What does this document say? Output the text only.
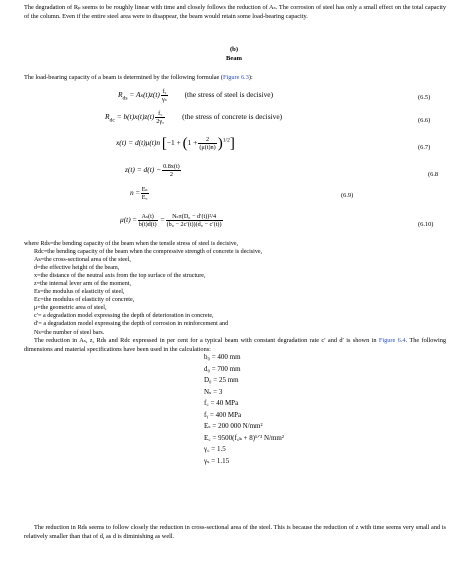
The degradation of Rₚ seems to be roughly linear with time and closely follows the reduction of Aₛ. The corrosion of steel has only a small effect on the total capacity of the column. Even if the entire steel area were to disappear, the beam would retain some load-bearing capacity.

(b)

Beam

The load-bearing capacity of a beam is determined by the following formulae (Figure 6.3):

$R_{ds} = A_s(t)z(t) \frac{\text{fᵧ}}{\text{γₛ}} (the$ stress of steel is decisive)	(6.5)
$R_{dc} = b(t)x(t)z(t) \frac{f꜀}{2\gamma꜀} (the$ stress of concrete is decisive)	(6.6)
x(t) = d(t)μ(t)n $[-1 + (1 + \frac{2}{(\mu(t)n)} )^{1/2}]$	(6.7)
$z(t) = d(t) - \frac{0.8x(t)}{2}$	(6.8
$n = \frac{\text{Eₛ}}{E꜀}$	(6.9)
$\mu(t) = \frac{\text{Aₛ(t)}}{b(t)d(t)} = \frac{\text{Nₛπ(D₀ − d′(t))²/4}}{\text{(b₀ − 2c′(t))(d₀ − c′(t))}}$	(6.10)
where Rds=the bending capacity of the beam when the tensile stress of steel is decisive,
Rdc=the bending capacity of the beam when the compressive strength of concrete is decisive,
As=the cross-sectional area of the steel,
d=the effective height of the beam,
x=the distance of the neutral axis from the top surface of the structure,
z=the internal lever arm of the moment,
Es=the modulus of elasticity of steel,
Ec=the modulus of elasticity of concrete,
μ=the geometric area of steel,
c′= a degradation model expressing the depth of deterioration in concrete,
d′= a degradation model expressing the depth of corrosion in reinforcement and
Ns=the number of steel bars.

The reduction in Aₛ, z, Rds and Rdc expressed in per cent for a typical beam with constant degradation rate c′ and d′ is shown in Figure 6.4. The following dimensions and material specifications have been used in the calculations:

b₀ = 400 mm
d₀ = 700 mm
D₀ = 25 mm
Nₛ = 3
f꜀ = 40 MPa
fᵧ = 400 MPa
Eₛ = 200 000 N/mm²
E꜀ = 9500(f꜀ₖ + 8)¹ᐟ³ N/mm²
γ꜀ = 1.5
γₛ = 1.15

The reduction in Rds seems to follow closely the reduction in cross-sectional area of the steel. This is because the reduction of z with time seems very small and is relatively smaller than that of d, as d is diminishing as well.
